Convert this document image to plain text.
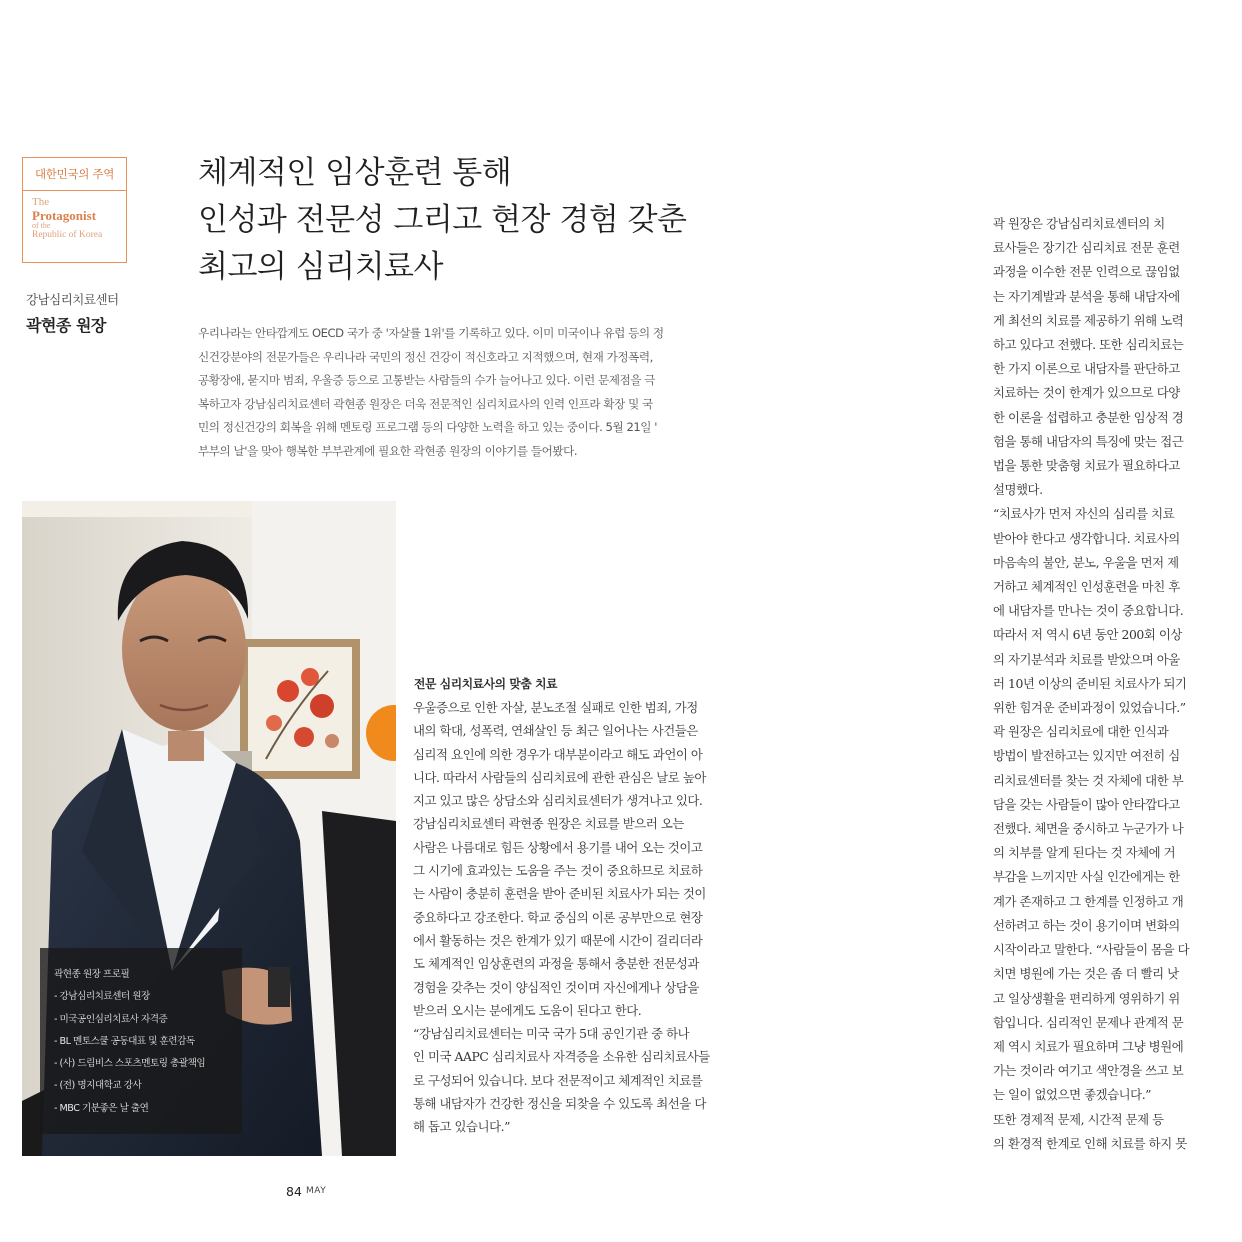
대한민국의 주역
The
Protagonist
of the
Republic of Korea
강남심리치료센터
곽현종 원장
체계적인 임상훈련 통해
인성과 전문성 그리고 현장 경험 갖춘
최고의 심리치료사
우리나라는 안타깝게도 OECD 국가 중 '자살률 1위'를 기록하고 있다. 이미 미국이나 유럽 등의 정
신건강분야의 전문가들은 우리나라 국민의 정신 건강이 적신호라고 지적했으며, 현재 가정폭력,
공황장애, 묻지마 범죄, 우울증 등으로 고통받는 사람들의 수가 늘어나고 있다. 이런 문제점을 극
복하고자 강남심리치료센터 곽현종 원장은 더욱 전문적인 심리치료사의 인력 인프라 확장 및 국
민의 정신건강의 회복을 위해 멘토링 프로그램 등의 다양한 노력을 하고 있는 중이다. 5월 21일 '
부부의 날'을 맞아 행복한 부부관계에 필요한 곽현종 원장의 이야기를 들어봤다.
곽현종 원장 프로필
- 강남심리치료센터 원장
- 미국공인심리치료사 자격증
- BL 멘토스쿨 공동대표 및 훈련감독
- (사) 드림비스 스포츠멘토링 총괄책임
- (전) 명지대학교 강사
- MBC 기분좋은 날 출연
전문 심리치료사의 맞춤 치료
우울증으로 인한 자살, 분노조절 실패로 인한 범죄, 가정
내의 학대, 성폭력, 연쇄살인 등 최근 일어나는 사건들은
심리적 요인에 의한 경우가 대부분이라고 해도 과언이 아
니다. 따라서 사람들의 심리치료에 관한 관심은 날로 높아
지고 있고 많은 상담소와 심리치료센터가 생겨나고 있다.
강남심리치료센터 곽현종 원장은 치료를 받으러 오는
사람은 나름대로 힘든 상황에서 용기를 내어 오는 것이고
그 시기에 효과있는 도움을 주는 것이 중요하므로 치료하
는 사람이 충분히 훈련을 받아 준비된 치료사가 되는 것이
중요하다고 강조한다. 학교 중심의 이론 공부만으로 현장
에서 활동하는 것은 한계가 있기 때문에 시간이 걸리더라
도 체계적인 임상훈련의 과정을 통해서 충분한 전문성과
경험을 갖추는 것이 양심적인 것이며 자신에게나 상담을
받으러 오시는 분에게도 도움이 된다고 한다.
“강남심리치료센터는 미국 국가 5대 공인기관 중 하나
인 미국 AAPC 심리치료사 자격증을 소유한 심리치료사들
로 구성되어 있습니다. 보다 전문적이고 체계적인 치료를
통해 내담자가 건강한 정신을 되찾을 수 있도록 최선을 다
해 돕고 있습니다.”
곽 원장은 강남심리치료센터의 치
료사들은 장기간 심리치료 전문 훈련
과정을 이수한 전문 인력으로 끊임없
는 자기계발과 분석을 통해 내담자에
게 최선의 치료를 제공하기 위해 노력
하고 있다고 전했다. 또한 심리치료는
한 가지 이론으로 내담자를 판단하고
치료하는 것이 한계가 있으므로 다양
한 이론을 섭렵하고 충분한 임상적 경
험을 통해 내담자의 특징에 맞는 접근
법을 통한 맞춤형 치료가 필요하다고
설명했다.
“치료사가 먼저 자신의 심리를 치료
받아야 한다고 생각합니다. 치료사의
마음속의 불안, 분노, 우울을 먼저 제
거하고 체계적인 인성훈련을 마친 후
에 내담자를 만나는 것이 중요합니다.
따라서 저 역시 6년 동안 200회 이상
의 자기분석과 치료를 받았으며 아울
러 10년 이상의 준비된 치료사가 되기
위한 힘겨운 준비과정이 있었습니다.”
곽 원장은 심리치료에 대한 인식과
방법이 발전하고는 있지만 여전히 심
리치료센터를 찾는 것 자체에 대한 부
담을 갖는 사람들이 많아 안타깝다고
전했다. 체면을 중시하고 누군가가 나
의 치부를 알게 된다는 것 자체에 거
부감을 느끼지만 사실 인간에게는 한
계가 존재하고 그 한계를 인정하고 개
선하려고 하는 것이 용기이며 변화의
시작이라고 말한다. “사람들이 몸을 다
치면 병원에 가는 것은 좀 더 빨리 낫
고 일상생활을 편리하게 영위하기 위
함입니다. 심리적인 문제나 관계적 문
제 역시 치료가 필요하며 그냥 병원에
가는 것이라 여기고 색안경을 쓰고 보
는 일이 없었으면 좋겠습니다.”
또한 경제적 문제, 시간적 문제 등
의 환경적 한계로 인해 치료를 하지 못
84 MAY
